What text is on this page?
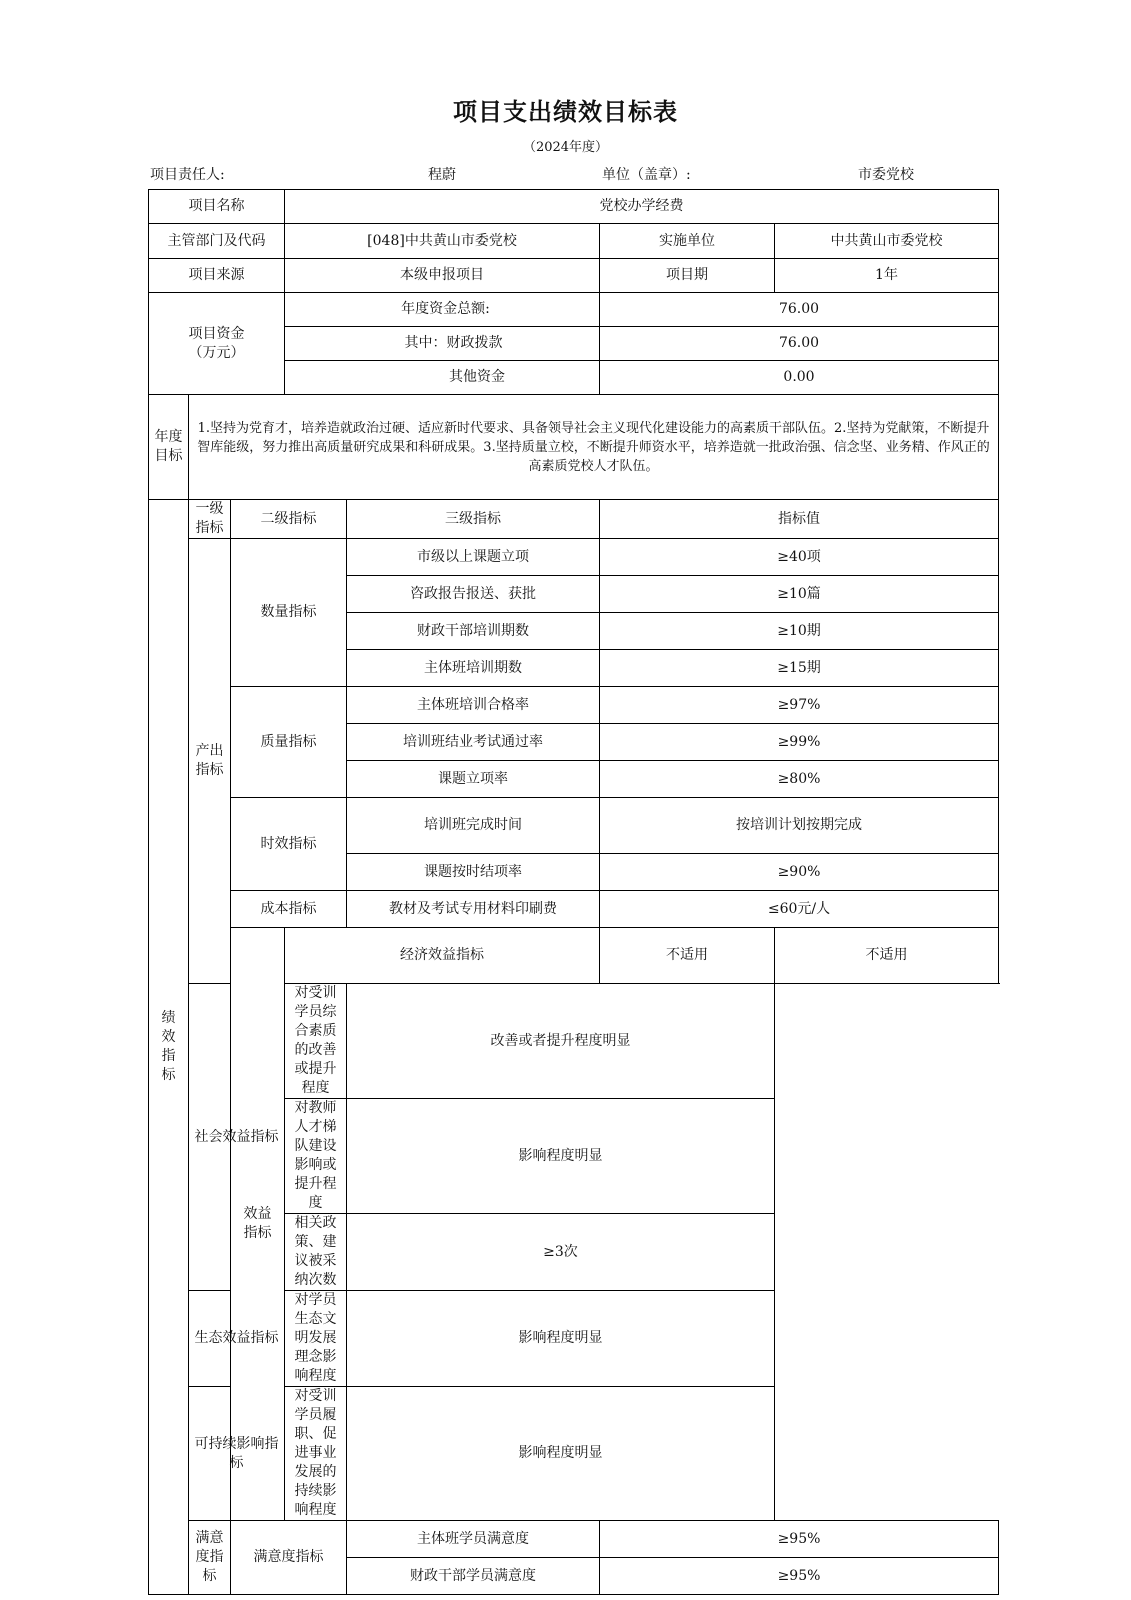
项目支出绩效目标表
（2024年度）
项目责任人:	程蔚	单位（盖章）:	市委党校
项目名称			党校办学经费			
主管部门及代码			[048]中共黄山市委党校		实施单位	中共黄山市委党校
项目来源			本级申报项目		项目期	1年

项目资金
（万元）			年度资金总额:		76.00	
			其中：财政拨款		76.00	
			其他资金		0.00	
年度目标	1.坚持为党育才，培养造就政治过硬、适应新时代要求、具备领导社会主义现代化建设能力的高素质干部队伍。2.坚持为党献策，不断提升智库能级，努力推出高质量研究成果和科研成果。3.坚持质量立校，不断提升师资水平，培养造就一批政治强、信念坚、业务精、作风正的高素质党校人才队伍。					
绩效指标	一级指标	二级指标		三级指标	指标值	
	产出指标	数量指标		市级以上课题立项	≥40项	
				咨政报告报送、获批	≥10篇	
				财政干部培训期数	≥10期	
				主体班培训期数	≥15期	
		质量指标		主体班培训合格率	≥97%	
				培训班结业考试通过率	≥99%	
				课题立项率	≥80%	
		时效指标		培训班完成时间	按培训计划按期完成	
				课题按时结项率	≥90%	
		成本指标		教材及考试专用材料印刷费	≤60元/人	
		效益指标	经济效益指标		不适用	不适用
	社会效益指标		对受训学员综合素质的改善或提升程度	改善或者提升程度明显		
			对教师人才梯队建设影响或提升程度	影响程度明显		
			相关政策、建议被采纳次数	≥3次		
	生态效益指标		对学员生态文明发展理念影响程度	影响程度明显		
	可持续影响指标		对受训学员履职、促进事业发展的持续影响程度	影响程度明显		
	满意度指标	满意度指标		主体班学员满意度	≥95%	
				财政干部学员满意度	≥95%	
